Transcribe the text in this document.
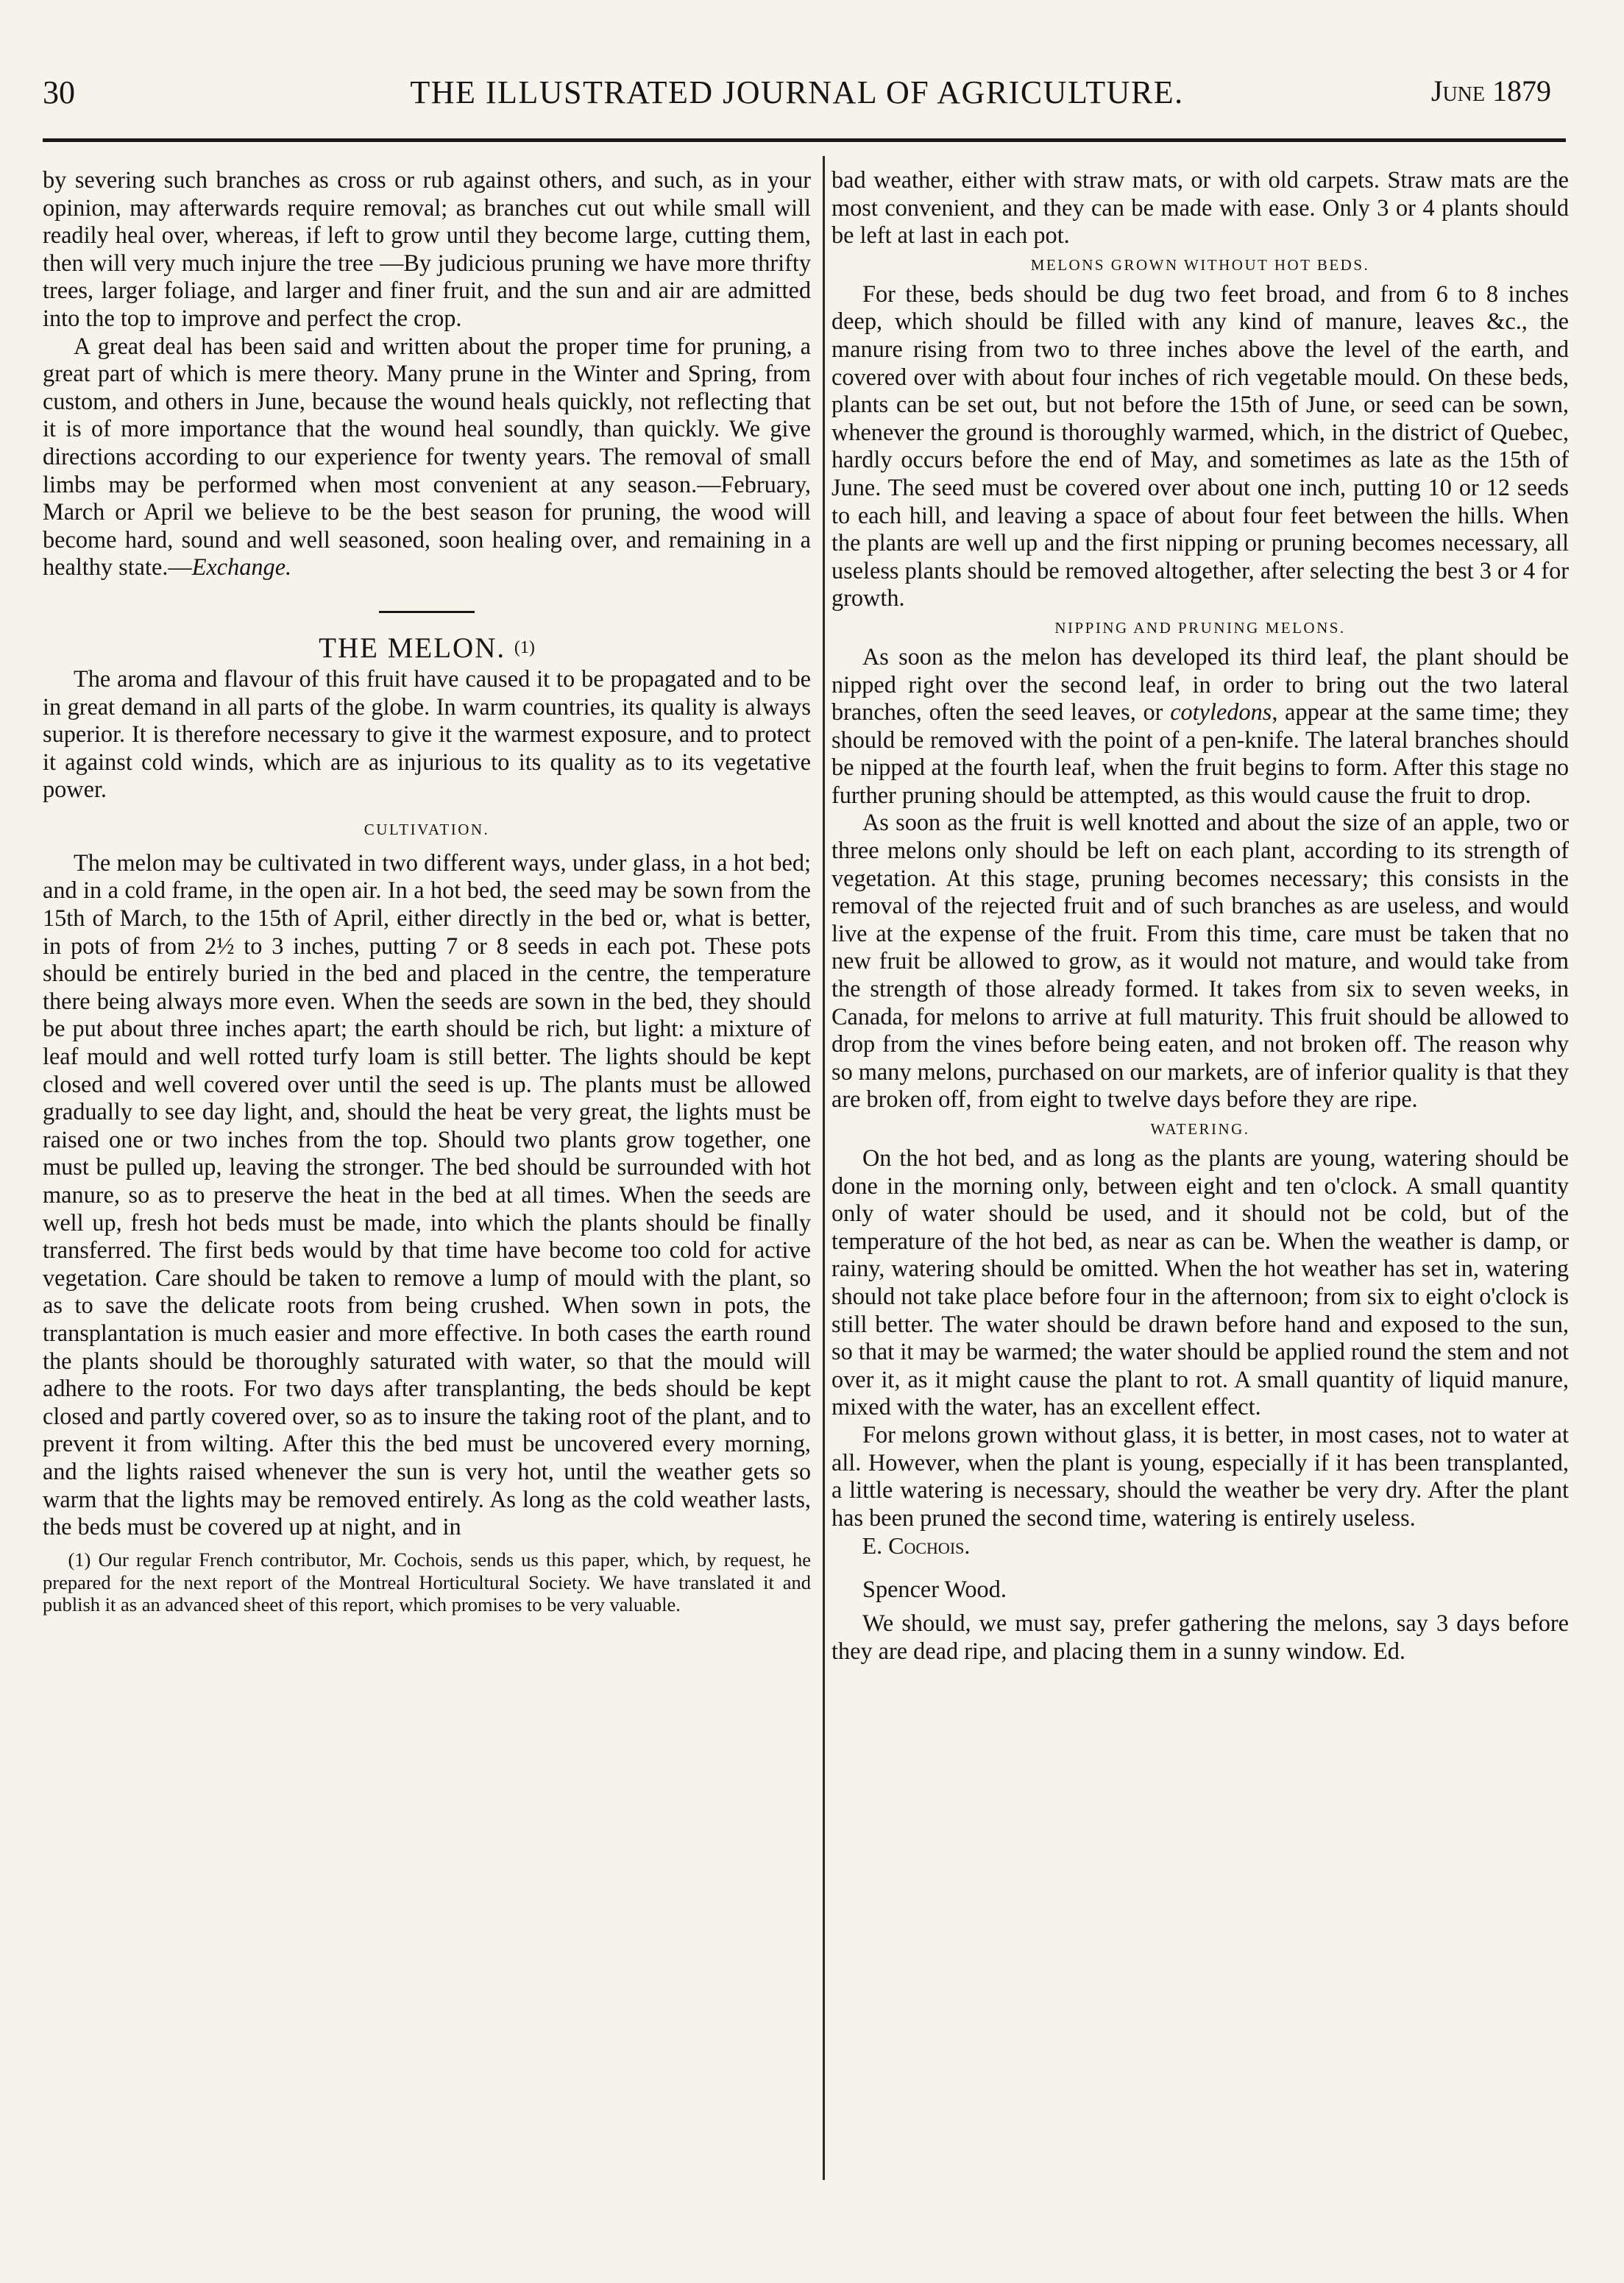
30	THE ILLUSTRATED JOURNAL OF AGRICULTURE.	June 1879

by severing such branches as cross or rub against others, and such, as in your opinion, may afterwards require removal; as branches cut out while small will readily heal over, whereas, if left to grow until they become large, cutting them, then will very much injure the tree —By judicious pruning we have more thrifty trees, larger foliage, and larger and finer fruit, and the sun and air are admitted into the top to improve and perfect the crop.

A great deal has been said and written about the proper time for pruning, a great part of which is mere theory. Many prune in the Winter and Spring, from custom, and others in June, because the wound heals quickly, not reflecting that it is of more importance that the wound heal soundly, than quickly. We give directions according to our experience for twenty years. The removal of small limbs may be performed when most convenient at any season.—February, March or April we believe to be the best season for pruning, the wood will become hard, sound and well seasoned, soon healing over, and remaining in a healthy state.—Exchange.

THE MELON. $^{(1)}$

The aroma and flavour of this fruit have caused it to be propagated and to be in great demand in all parts of the globe. In warm countries, its quality is always superior. It is therefore necessary to give it the warmest exposure, and to protect it against cold winds, which are as injurious to its quality as to its vegetative power.

CULTIVATION.

The melon may be cultivated in two different ways, under glass, in a hot bed; and in a cold frame, in the open air. In a hot bed, the seed may be sown from the 15th of March, to the 15th of April, either directly in the bed or, what is better, in pots of from 2½ to 3 inches, putting 7 or 8 seeds in each pot. These pots should be entirely buried in the bed and placed in the centre, the temperature there being always more even. When the seeds are sown in the bed, they should be put about three inches apart; the earth should be rich, but light: a mixture of leaf mould and well rotted turfy loam is still better. The lights should be kept closed and well covered over until the seed is up. The plants must be allowed gradually to see day light, and, should the heat be very great, the lights must be raised one or two inches from the top. Should two plants grow together, one must be pulled up, leaving the stronger. The bed should be surrounded with hot manure, so as to preserve the heat in the bed at all times. When the seeds are well up, fresh hot beds must be made, into which the plants should be finally transferred. The first beds would by that time have become too cold for active vegetation. Care should be taken to remove a lump of mould with the plant, so as to save the delicate roots from being crushed. When sown in pots, the transplantation is much easier and more effective. In both cases the earth round the plants should be thoroughly saturated with water, so that the mould will adhere to the roots. For two days after transplanting, the beds should be kept closed and partly covered over, so as to insure the taking root of the plant, and to prevent it from wilting. After this the bed must be uncovered every morning, and the lights raised whenever the sun is very hot, until the weather gets so warm that the lights may be removed entirely. As long as the cold weather lasts, the beds must be covered up at night, and in

(1) Our regular French contributor, Mr. Cochois, sends us this paper, which, by request, he prepared for the next report of the Montreal Horticultural Society. We have translated it and publish it as an advanced sheet of this report, which promises to be very valuable.

bad weather, either with straw mats, or with old carpets. Straw mats are the most convenient, and they can be made with ease. Only 3 or 4 plants should be left at last in each pot.

MELONS GROWN WITHOUT HOT BEDS.

For these, beds should be dug two feet broad, and from 6 to 8 inches deep, which should be filled with any kind of manure, leaves &c., the manure rising from two to three inches above the level of the earth, and covered over with about four inches of rich vegetable mould. On these beds, plants can be set out, but not before the 15th of June, or seed can be sown, whenever the ground is thoroughly warmed, which, in the district of Quebec, hardly occurs before the end of May, and sometimes as late as the 15th of June. The seed must be covered over about one inch, putting 10 or 12 seeds to each hill, and leaving a space of about four feet between the hills. When the plants are well up and the first nipping or pruning becomes necessary, all useless plants should be removed altogether, after selecting the best 3 or 4 for growth.

NIPPING AND PRUNING MELONS.

As soon as the melon has developed its third leaf, the plant should be nipped right over the second leaf, in order to bring out the two lateral branches, often the seed leaves, or cotyledons, appear at the same time; they should be removed with the point of a pen-knife. The lateral branches should be nipped at the fourth leaf, when the fruit begins to form. After this stage no further pruning should be attempted, as this would cause the fruit to drop.

As soon as the fruit is well knotted and about the size of an apple, two or three melons only should be left on each plant, according to its strength of vegetation. At this stage, pruning becomes necessary; this consists in the removal of the rejected fruit and of such branches as are useless, and would live at the expense of the fruit. From this time, care must be taken that no new fruit be allowed to grow, as it would not mature, and would take from the strength of those already formed. It takes from six to seven weeks, in Canada, for melons to arrive at full maturity. This fruit should be allowed to drop from the vines before being eaten, and not broken off. The reason why so many melons, purchased on our markets, are of inferior quality is that they are broken off, from eight to twelve days before they are ripe.

WATERING.

On the hot bed, and as long as the plants are young, watering should be done in the morning only, between eight and ten o'clock. A small quantity only of water should be used, and it should not be cold, but of the temperature of the hot bed, as near as can be. When the weather is damp, or rainy, watering should be omitted. When the hot weather has set in, watering should not take place before four in the afternoon; from six to eight o'clock is still better. The water should be drawn before hand and exposed to the sun, so that it may be warmed; the water should be applied round the stem and not over it, as it might cause the plant to rot. A small quantity of liquid manure, mixed with the water, has an excellent effect.

For melons grown without glass, it is better, in most cases, not to water at all. However, when the plant is young, especially if it has been transplanted, a little watering is necessary, should the weather be very dry. After the plant has been pruned the second time, watering is entirely useless.

E. Cochois.

Spencer Wood.

We should, we must say, prefer gathering the melons, say 3 days before they are dead ripe, and placing them in a sunny window. Ed.
